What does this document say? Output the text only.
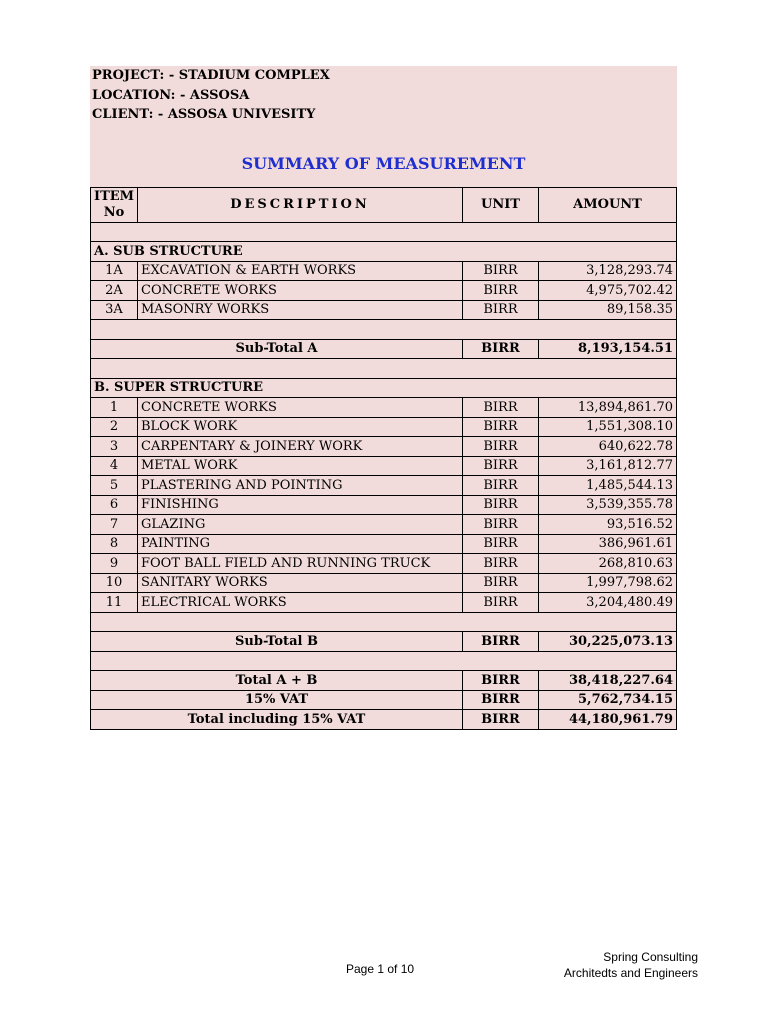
PROJECT: - STADIUM COMPLEX
LOCATION: - ASSOSA
CLIENT: - ASSOSA UNIVESITY
SUMMARY OF MEASUREMENT
ITEM
No	DESCRIPTION	UNIT	AMOUNT

A. SUB STRUCTURE			
1A	EXCAVATION & EARTH WORKS	BIRR	3,128,293.74
2A	CONCRETE WORKS	BIRR	4,975,702.42
3A	MASONRY WORKS	BIRR	89,158.35

Sub-Total A		BIRR	8,193,154.51

B. SUPER STRUCTURE			
1	CONCRETE WORKS	BIRR	13,894,861.70
2	BLOCK WORK	BIRR	1,551,308.10
3	CARPENTARY & JOINERY WORK	BIRR	640,622.78
4	METAL WORK	BIRR	3,161,812.77
5	PLASTERING AND POINTING	BIRR	1,485,544.13
6	FINISHING	BIRR	3,539,355.78
7	GLAZING	BIRR	93,516.52
8	PAINTING	BIRR	386,961.61
9	FOOT BALL FIELD AND RUNNING TRUCK	BIRR	268,810.63
10	SANITARY WORKS	BIRR	1,997,798.62
11	ELECTRICAL WORKS	BIRR	3,204,480.49

Sub-Total B		BIRR	30,225,073.13

Total A + B		BIRR	38,418,227.64
15% VAT		BIRR	5,762,734.15
Total including 15% VAT		BIRR	44,180,961.79
Page 1 of 10
Spring Consulting
Architedts and Engineers
